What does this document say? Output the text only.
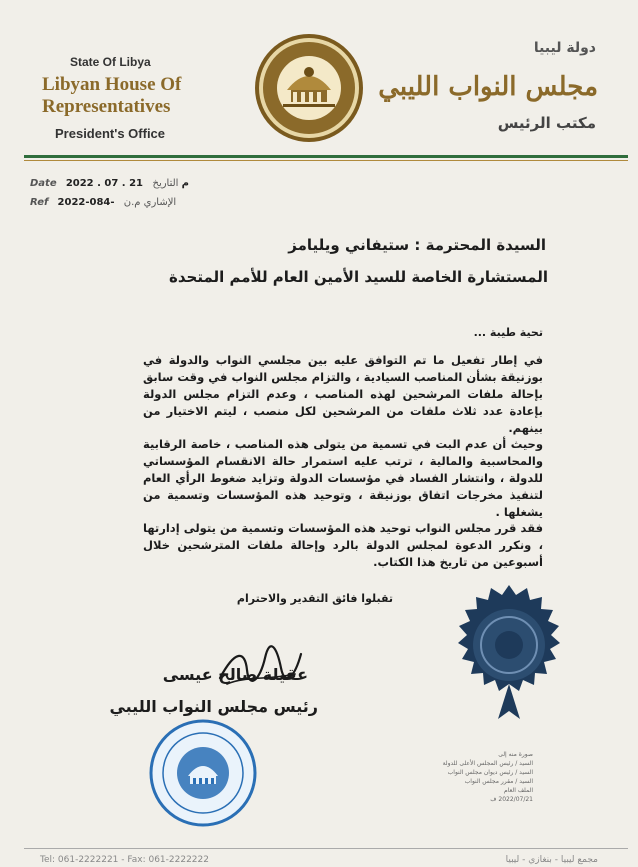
State Of Libya
Libyan House Of
Representatives
President's Office
دولة ليبيا
مجلس النواب الليبي
مكتب الرئيس
Date 2022 . 07 . 21 م التاريخ
Ref 2022-084- الإشاري م.ن
السيدة المحترمة : ستيفاني ويليامز
المستشارة الخاصة للسيد الأمين العام للأمم المتحدة
تحية طيبة ...
في إطار تفعيل ما تم التوافق عليه بين مجلسي النواب والدولة في بوزنيقة بشأن المناصب السيادية ، والتزام مجلس النواب في وقت سابق بإحالة ملفات المرشحين لهذه المناصب ، وعدم التزام مجلس الدولة بإعادة عدد ثلاث ملفات من المرشحين لكل منصب ، ليتم الاختيار من بينهم.
وحيث أن عدم البت في تسمية من يتولى هذه المناصب ، خاصة الرقابية والمحاسبية والمالية ، ترتب عليه استمرار حالة الانقسام المؤسساتي للدولة ، وانتشار الفساد في مؤسسات الدولة وتزايد ضغوط الرأي العام لتنفيذ مخرجات اتفاق بوزنيقة ، وتوحيد هذه المؤسسات وتسمية من يشغلها .
فقد قرر مجلس النواب توحيد هذه المؤسسات وتسمية من يتولى إدارتها ، ونكرر الدعوة لمجلس الدولة بالرد وإحالة ملفات المترشحين خلال أسبوعين من تاريخ هذا الكتاب.
تقبلوا فائق التقدير والاحترام
عقيلة صالح عيسى
رئيس مجلس النواب الليبي
صورة منه إلى
السيد / رئيس المجلس الأعلى للدولة
السيد / رئيس ديوان مجلس النواب
السيد / مقرر مجلس النواب
الملف العام
2022/07/21 ف
Tel: 061-2222221 - Fax: 061-2222222	مجمع ليبيا - بنغازي - ليبيا
